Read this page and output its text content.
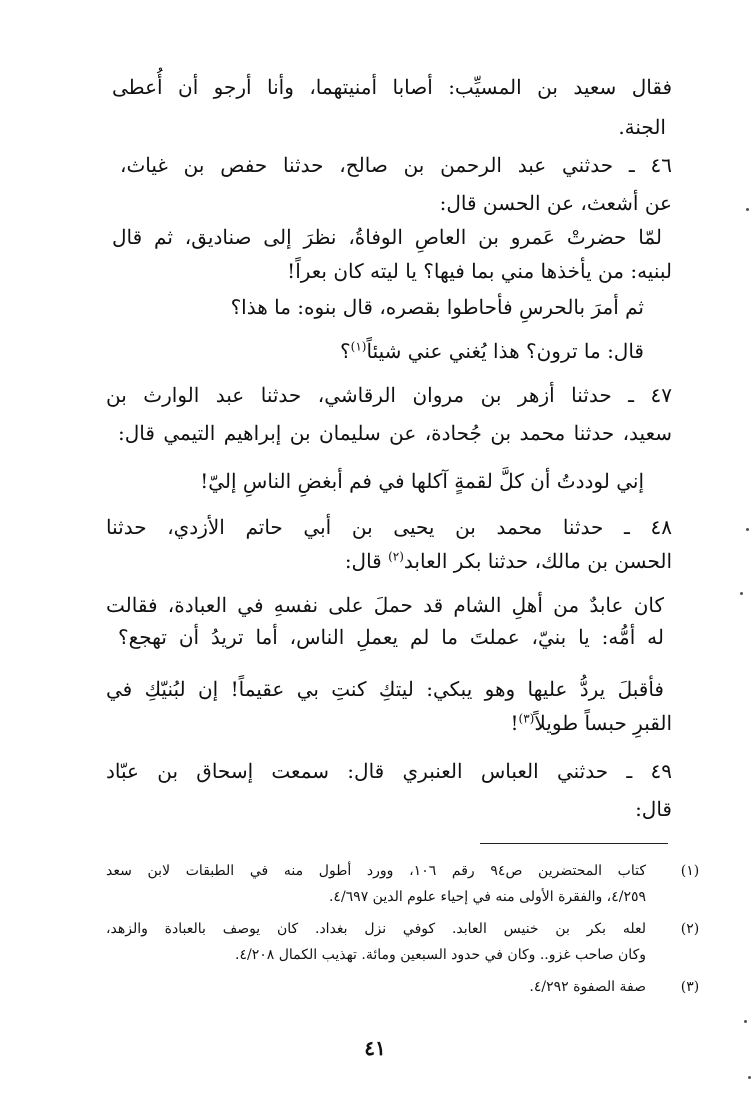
فقال سعيد بن المسيِّب: أصابا أمنيتهما، وأنا أرجو أن أُعطى
الجنة.
٤٦ ـ حدثني عبد الرحمن بن صالح، حدثنا حفص بن غياث،
عن أشعث، عن الحسن قال:
لمّا حضرتْ عَمرو بن العاصِ الوفاةُ، نظرَ إلى صناديق، ثم قال
لبنيه: من يأخذها مني بما فيها؟ يا ليته كان بعراً!
ثم أمرَ بالحرسِ فأحاطوا بقصره، قال بنوه: ما هذا؟
قال: ما ترون؟ هذا يُغني عني شيئاً$^{(١)}$؟
٤٧ ـ حدثنا أزهر بن مروان الرقاشي، حدثنا عبد الوارث بن
سعيد، حدثنا محمد بن جُحادة، عن سليمان بن إبراهيم التيمي قال:
إني لوددتُ أن كلَّ لقمةٍ آكلها في فم أبغضِ الناسِ إليّ!
٤٨ ـ حدثنا محمد بن يحيى بن أبي حاتم الأزدي، حدثنا
الحسن بن مالك، حدثنا بكر العابد$^{(٢)}$ قال:
كان عابدٌ من أهلِ الشام قد حملَ على نفسهِ في العبادة، فقالت
له أمُّه: يا بنيّ، عملتَ ما لم يعملِ الناس، أما تريدُ أن تهجع؟
فأقبلَ يردُّ عليها وهو يبكي: ليتكِ كنتِ بي عقيماً! إن لبُنيّكِ في
القبرِ حبساً طويلاً$^{(٣)}$!
٤٩ ـ حدثني العباس العنبري قال: سمعت إسحاق بن عبّاد
قال:
(١)
كتاب المحتضرين ص٩٤ رقم ١٠٦، وورد أطول منه في الطبقات لابن سعد
٤/٢٥٩، والفقرة الأولى منه في إحياء علوم الدين ٤/٦٩٧.
(٢)
لعله بكر بن خنيس العابد. كوفي نزل بغداد. كان يوصف بالعبادة والزهد،
وكان صاحب غزو.. وكان في حدود السبعين ومائة. تهذيب الكمال ٤/٢٠٨.
(٣)
صفة الصفوة ٤/٢٩٢.
٤١
